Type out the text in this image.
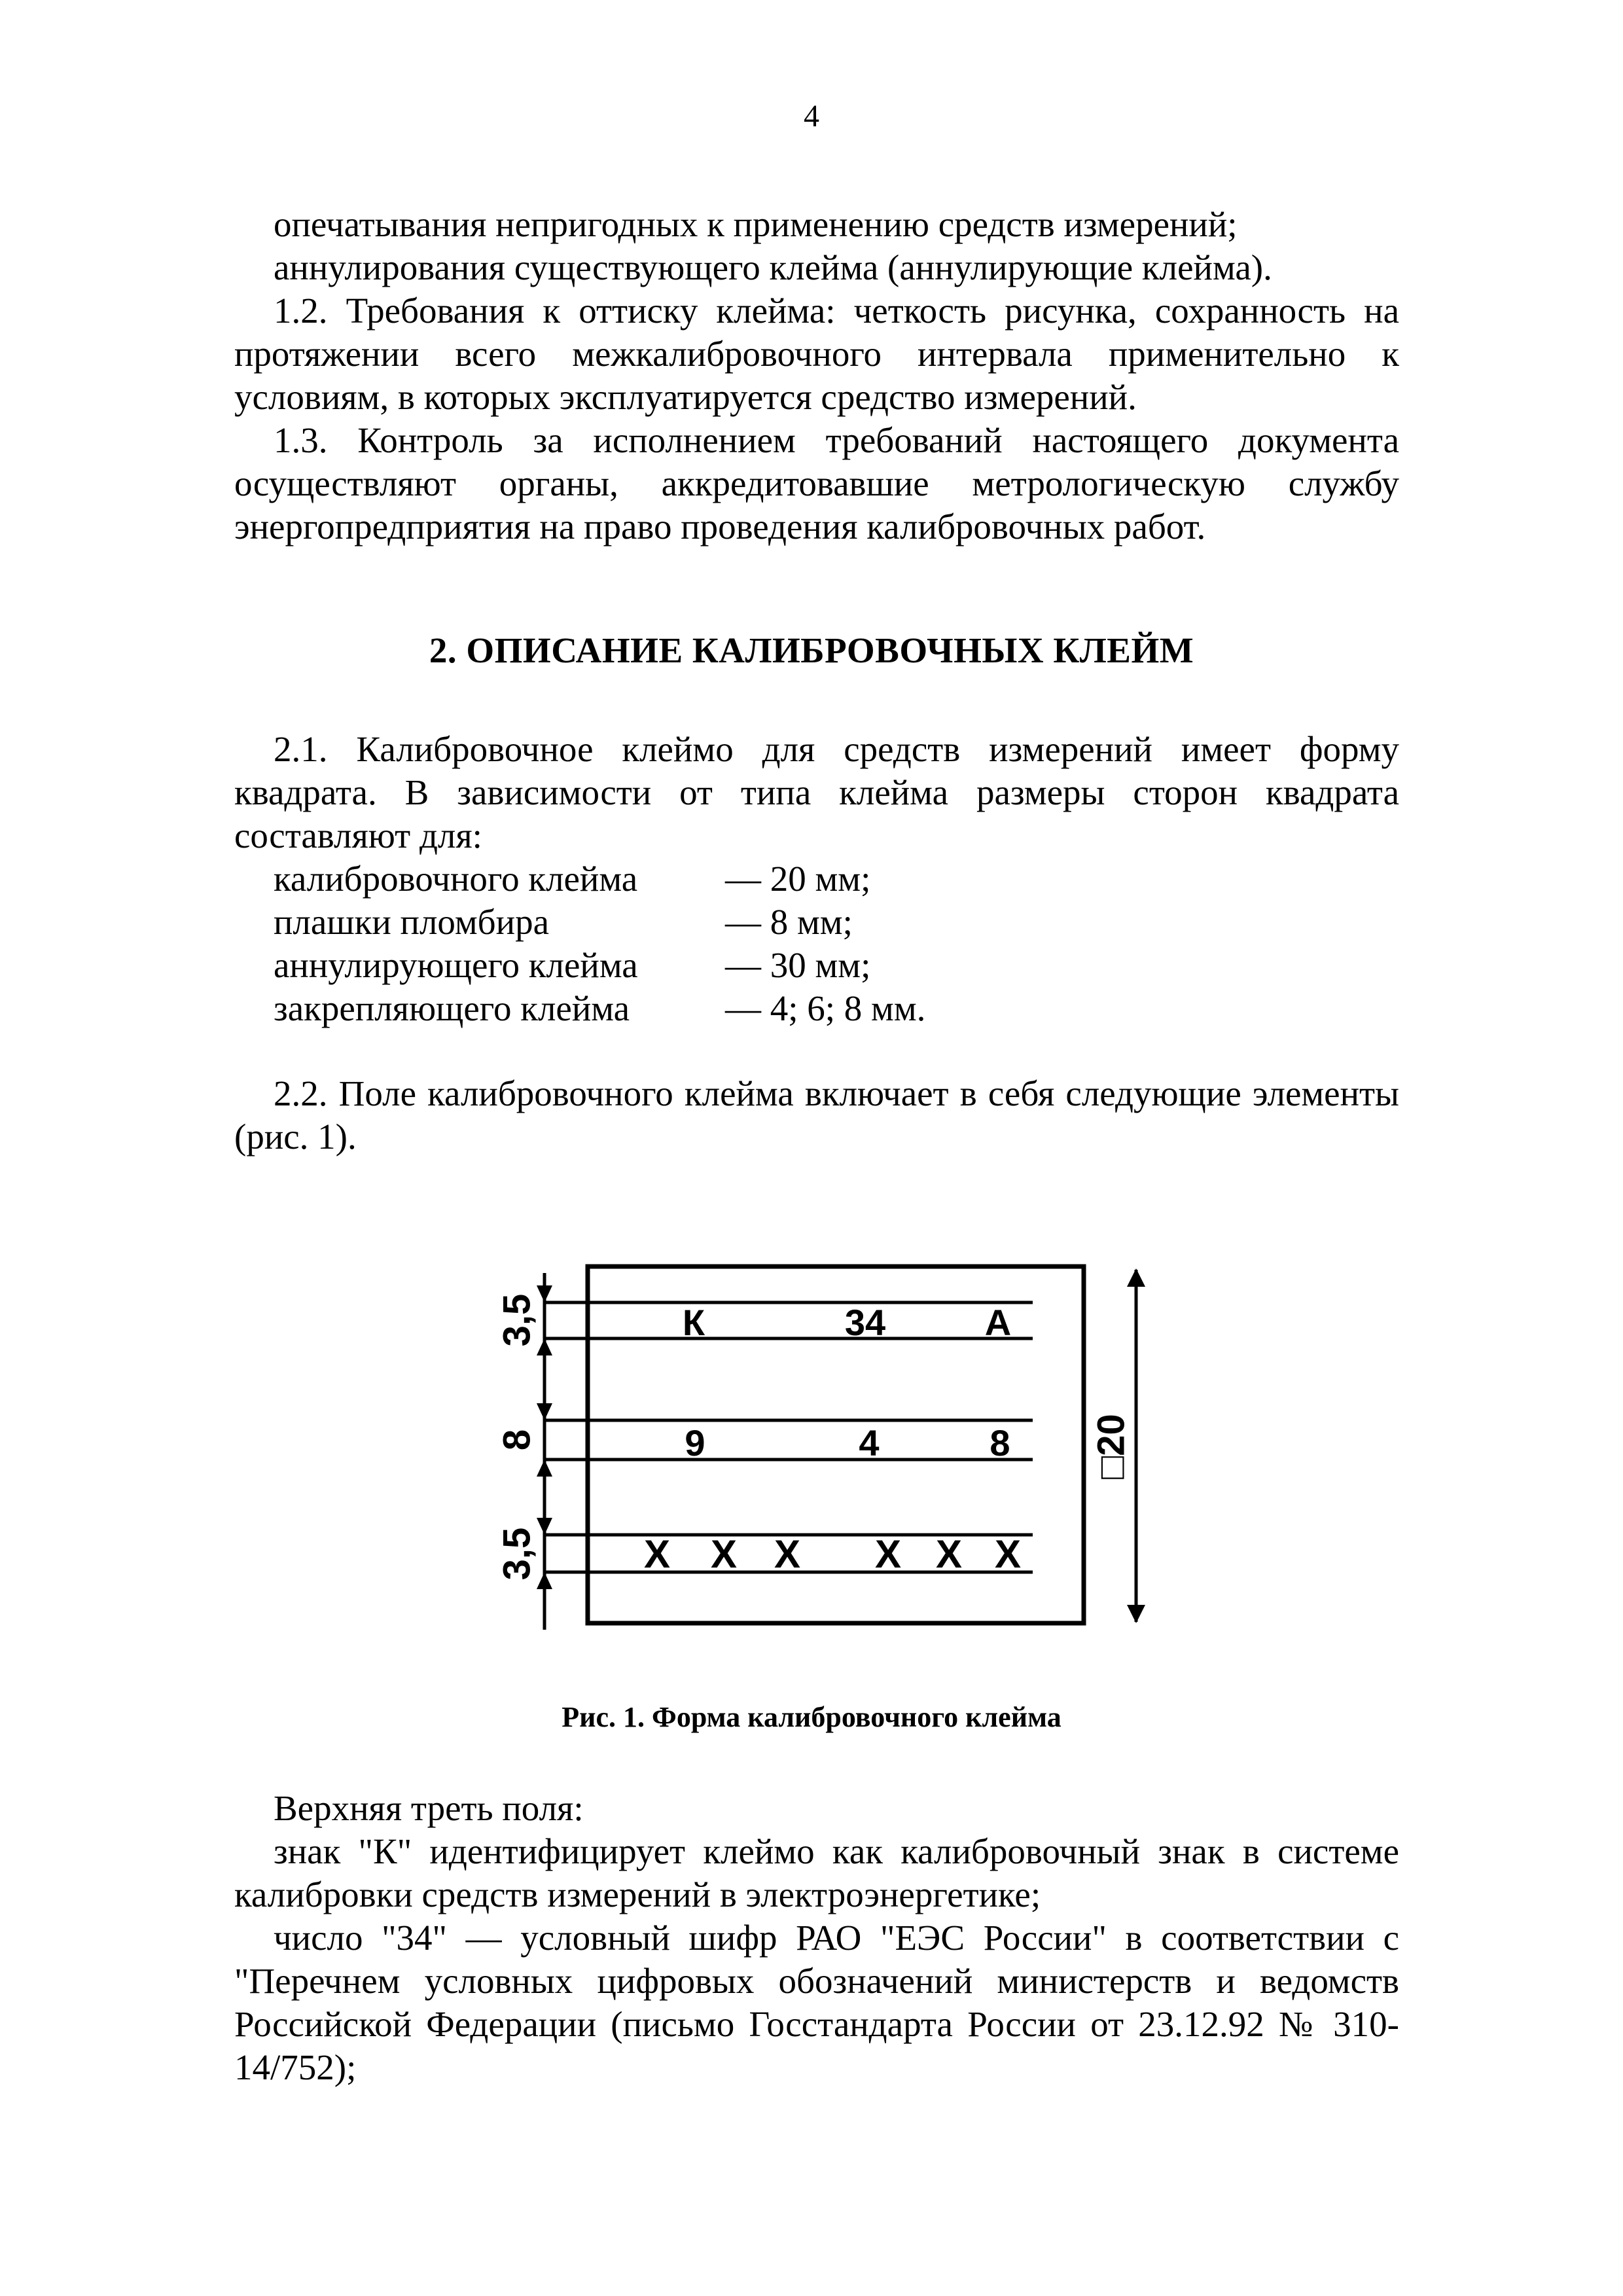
4

опечатывания непригодных к применению средств измерений;

аннулирования существующего клейма (аннулирующие клейма).

1.2. Требования к оттиску клейма: четкость рисунка, сохранность на протяжении всего межкалибровочного интервала применительно к условиям, в которых эксплуатируется средство измерений.

1.3. Контроль за исполнением требований настоящего документа осуществляют органы, аккредитовавшие метрологическую службу энергопредприятия на право проведения калибровочных работ.

2. ОПИСАНИЕ КАЛИБРОВОЧНЫХ КЛЕЙМ

2.1. Калибровочное клеймо для средств измерений имеет форму квадрата. В зависимости от типа клейма размеры сторон квадрата составляют для:

калибровочного клейма	— 20 мм;
плашки пломбира	— 8 мм;
аннулирующего клейма	— 30 мм;
закрепляющего клейма	— 4; 6; 8 мм.

2.2. Поле калибровочного клейма включает в себя следующие элементы (рис. 1).

3,5
8
3,5
□20
К	34	А
9	4	8
Х Х Х Х Х Х
Рис. 1. Форма калибровочного клейма

Верхняя треть поля:

знак "К" идентифицирует клеймо как калибровочный знак в системе калибровки средств измерений в электроэнергетике;

число "34" — условный шифр РАО "ЕЭС России" в соответствии с "Перечнем условных цифровых обозначений министерств и ведомств Российской Федерации (письмо Госстандарта России от 23.12.92 № 310-14/752);
